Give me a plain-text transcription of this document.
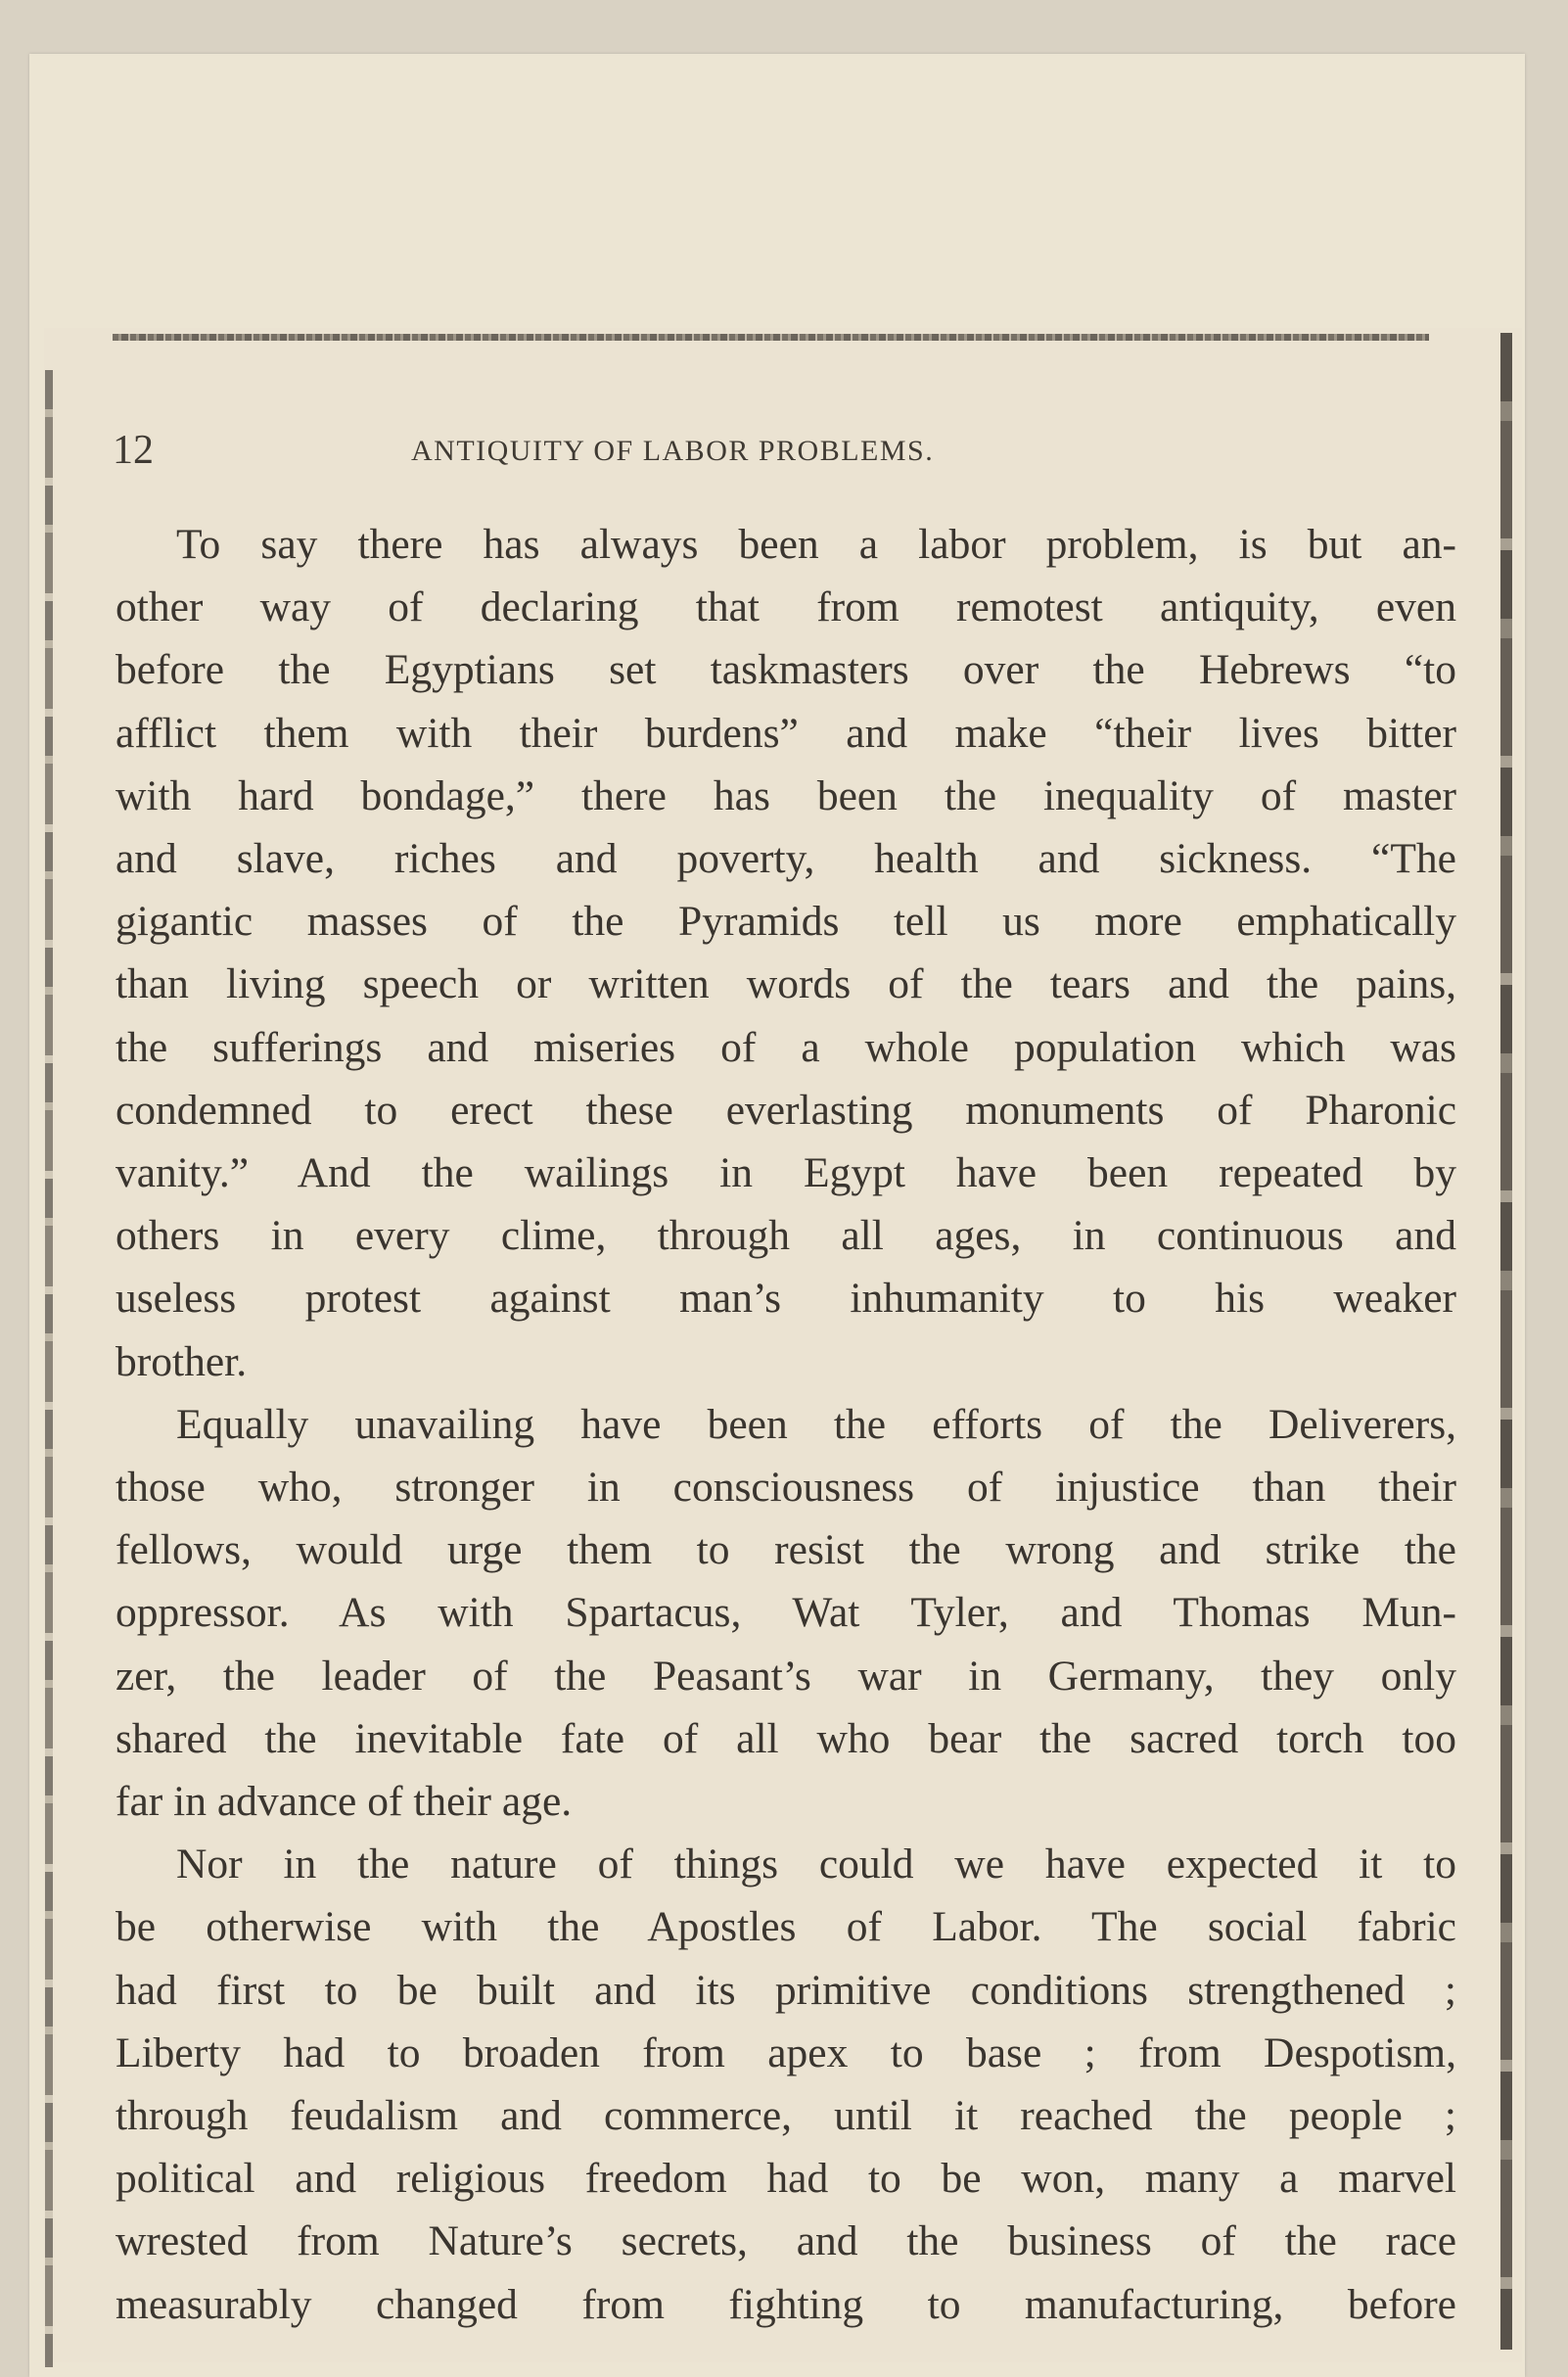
12	ANTIQUITY OF LABOR PROBLEMS.

To say there has always been a labor problem, is but an-
other way of declaring that from remotest antiquity, even
before the Egyptians set taskmasters over the Hebrews “to
afflict them with their burdens” and make “their lives bitter
with hard bondage,” there has been the inequality of master
and slave, riches and poverty, health and sickness. “The
gigantic masses of the Pyramids tell us more emphatically
than living speech or written words of the tears and the pains,
the sufferings and miseries of a whole population which was
condemned to erect these everlasting monuments of Pharonic
vanity.” And the wailings in Egypt have been repeated by
others in every clime, through all ages, in continuous and
useless protest against man’s inhumanity to his weaker
brother.

Equally unavailing have been the efforts of the Deliverers,
those who, stronger in consciousness of injustice than their
fellows, would urge them to resist the wrong and strike the
oppressor. As with Spartacus, Wat Tyler, and Thomas Mun-
zer, the leader of the Peasant’s war in Germany, they only
shared the inevitable fate of all who bear the sacred torch too
far in advance of their age.

Nor in the nature of things could we have expected it to
be otherwise with the Apostles of Labor. The social fabric
had first to be built and its primitive conditions strengthened ;
Liberty had to broaden from apex to base ; from Despotism,
through feudalism and commerce, until it reached the people ;
political and religious freedom had to be won, many a marvel
wrested from Nature’s secrets, and the business of the race
measurably changed from fighting to manufacturing, before
